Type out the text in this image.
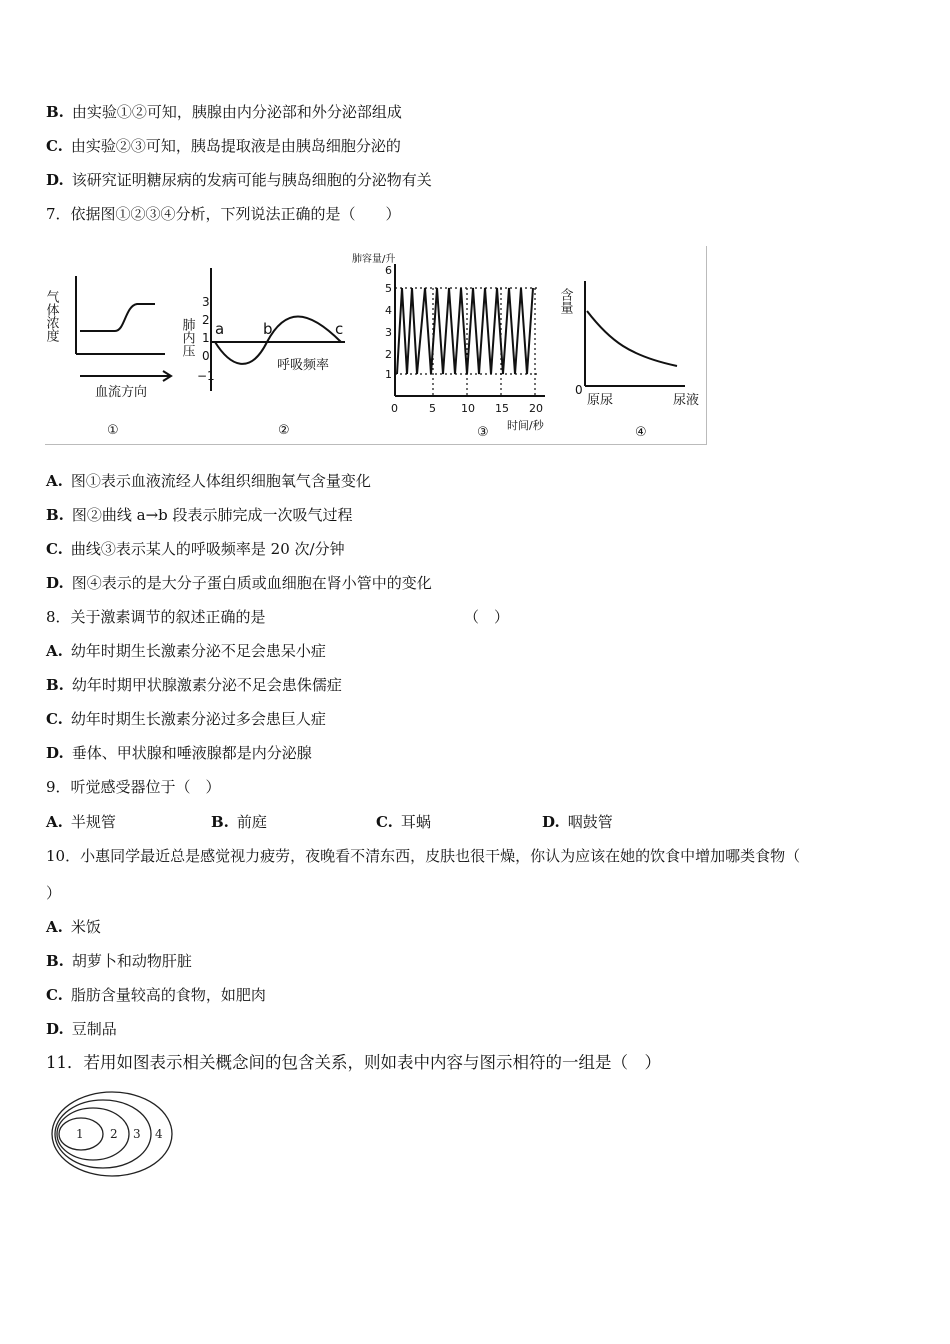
B. 由实验①②可知，胰腺由内分泌部和外分泌部组成
C. 由实验②③可知，胰岛提取液是由胰岛细胞分泌的
D. 该研究证明糖尿病的发病可能与胰岛细胞的分泌物有关
7．依据图①②③④分析，下列说法正确的是（　　）
气体浓度
血流方向
①
肺内压
3
2
1
0
−1
a	b	c
呼吸频率
②
肺容量/升
6
5
4
3
2
1
0	5 10 15 20
时间/秒
③
含量
0
原尿	尿液
④
A. 图①表示血液流经人体组织细胞氧气含量变化
B. 图②曲线 a→b 段表示肺完成一次吸气过程
C. 曲线③表示某人的呼吸频率是 20 次/分钟
D. 图④表示的是大分子蛋白质或血细胞在肾小管中的变化
8．关于激素调节的叙述正确的是	（　）
A. 幼年时期生长激素分泌不足会患呆小症
B. 幼年时期甲状腺激素分泌不足会患侏儒症
C. 幼年时期生长激素分泌过多会患巨人症
D. 垂体、甲状腺和唾液腺都是内分泌腺
9．听觉感受器位于（　）
A. 半规管	B. 前庭	C. 耳蜗	D. 咽鼓管
10．小惠同学最近总是感觉视力疲劳，夜晚看不清东西，皮肤也很干燥，你认为应该在她的饮食中增加哪类食物（
）
A. 米饭
B. 胡萝卜和动物肝脏
C. 脂肪含量较高的食物，如肥肉
D. 豆制品
11．若用如图表示相关概念间的包含关系，则如表中内容与图示相符的一组是（　）
1 2 3 4
